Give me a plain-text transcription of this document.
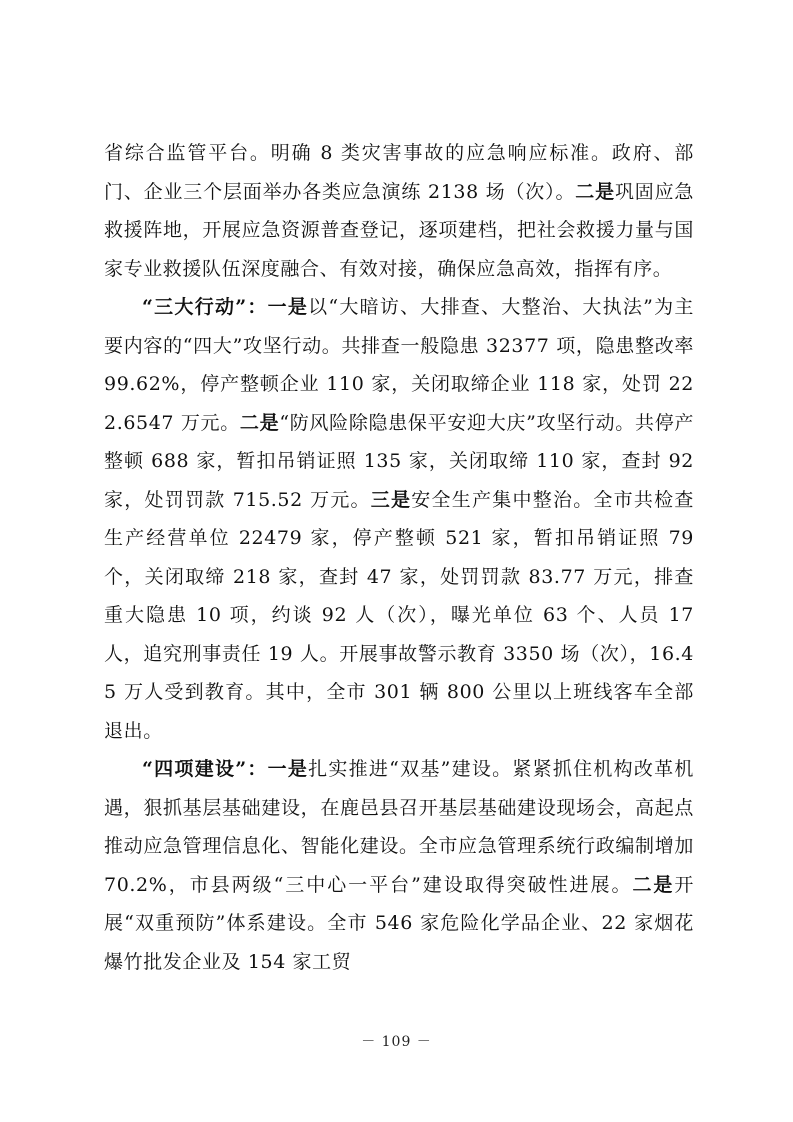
省综合监管平台。明确 8 类灾害事故的应急响应标准。政府、部门、企业三个层面举办各类应急演练 2138 场（次）。二是巩固应急救援阵地，开展应急资源普查登记，逐项建档，把社会救援力量与国家专业救援队伍深度融合、有效对接，确保应急高效，指挥有序。

“三大行动”：一是以“大暗访、大排查、大整治、大执法”为主要内容的“四大”攻坚行动。共排查一般隐患 32377 项，隐患整改率 99.62%，停产整顿企业 110 家，关闭取缔企业 118 家，处罚 222.6547 万元。二是“防风险除隐患保平安迎大庆”攻坚行动。共停产整顿 688 家，暂扣吊销证照 135 家，关闭取缔 110 家，查封 92 家，处罚罚款 715.52 万元。三是安全生产集中整治。全市共检查生产经营单位 22479 家，停产整顿 521 家，暂扣吊销证照 79 个，关闭取缔 218 家，查封 47 家，处罚罚款 83.77 万元，排查重大隐患 10 项，约谈 92 人（次），曝光单位 63 个、人员 17 人，追究刑事责任 19 人。开展事故警示教育 3350 场（次），16.45 万人受到教育。其中，全市 301 辆 800 公里以上班线客车全部退出。

“四项建设”：一是扎实推进“双基”建设。紧紧抓住机构改革机遇，狠抓基层基础建设，在鹿邑县召开基层基础建设现场会，高起点推动应急管理信息化、智能化建设。全市应急管理系统行政编制增加 70.2%，市县两级“三中心一平台”建设取得突破性进展。二是开展“双重预防”体系建设。全市 546 家危险化学品企业、22 家烟花爆竹批发企业及 154 家工贸

－ 109 －
